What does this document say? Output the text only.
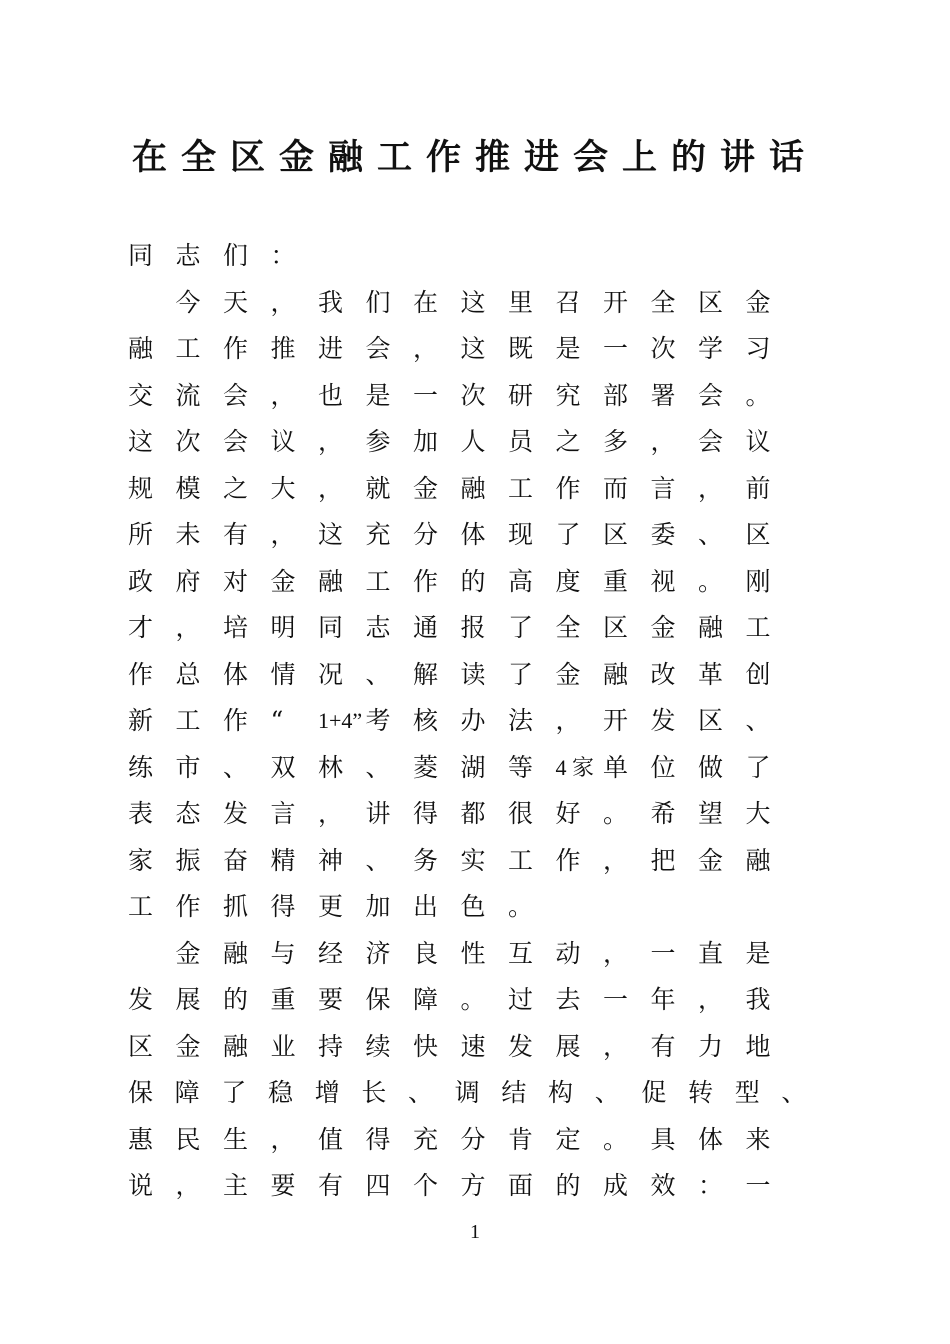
在全区金融工作推进会上的讲话
同 志 们 ：
今 天 ， 我 们 在 这 里 召 开 全 区 金
融 工 作 推 进 会 ， 这 既 是 一 次 学 习
交 流 会 ， 也 是 一 次 研 究 部 署 会 。
这 次 会 议 ， 参 加 人 员 之 多 ， 会 议
规 模 之 大 ， 就 金 融 工 作 而 言 ， 前
所 未 有 ， 这 充 分 体 现 了 区 委 、 区
政 府 对 金 融 工 作 的 高 度 重 视 。 刚
才 ， 培 明 同 志 通 报 了 全 区 金 融 工
作 总 体 情 况 、 解 读 了 金 融 改 革 创
新 工 作 “	1+4” 考 核 办 法 ， 开 发 区 、
练 市 、 双 林 、 菱 湖 等	4 家 单 位 做 了
表 态 发 言 ， 讲 得 都 很 好 。 希 望 大
家 振 奋 精 神 、 务 实 工 作 ， 把 金 融
工 作 抓 得 更 加 出 色 。
金 融 与 经 济 良 性 互 动 ， 一 直 是
发 展 的 重 要 保 障 。 过 去 一 年 ， 我
区 金 融 业 持 续 快 速 发 展 ， 有 力 地
保 障 了 稳 增 长 、 调 结 构 、 促 转 型 、
惠 民 生 ， 值 得 充 分 肯 定 。 具 体 来
说 ， 主 要 有 四 个 方 面 的 成 效 ： 一
1
